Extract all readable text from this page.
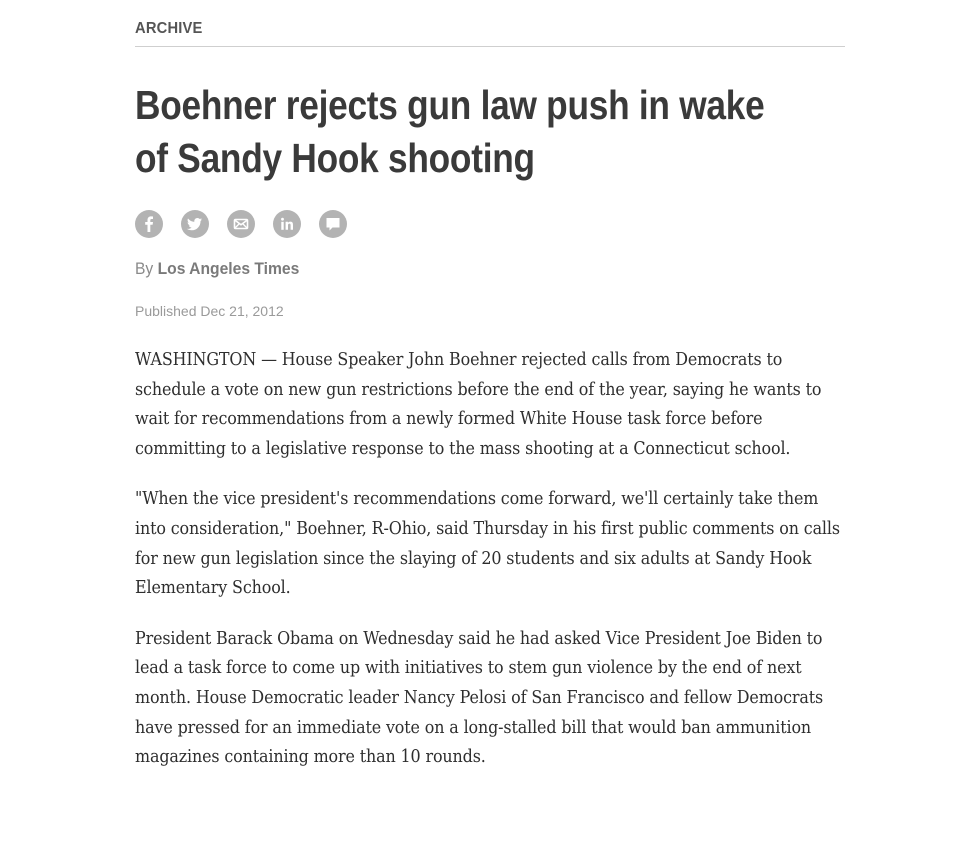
ARCHIVE
Boehner rejects gun law push in wake of Sandy Hook shooting
By Los Angeles Times
Published Dec 21, 2012

WASHINGTON — House Speaker John Boehner rejected calls from Democrats to schedule a vote on new gun restrictions before the end of the year, saying he wants to wait for recommendations from a newly formed White House task force before committing to a legislative response to the mass shooting at a Connecticut school.

"When the vice president's recommendations come forward, we'll certainly take them into consideration," Boehner, R-Ohio, said Thursday in his first public comments on calls for new gun legislation since the slaying of 20 students and six adults at Sandy Hook Elementary School.

President Barack Obama on Wednesday said he had asked Vice President Joe Biden to lead a task force to come up with initiatives to stem gun violence by the end of next month. House Democratic leader Nancy Pelosi of San Francisco and fellow Democrats have pressed for an immediate vote on a long-stalled bill that would ban ammunition magazines containing more than 10 rounds.
